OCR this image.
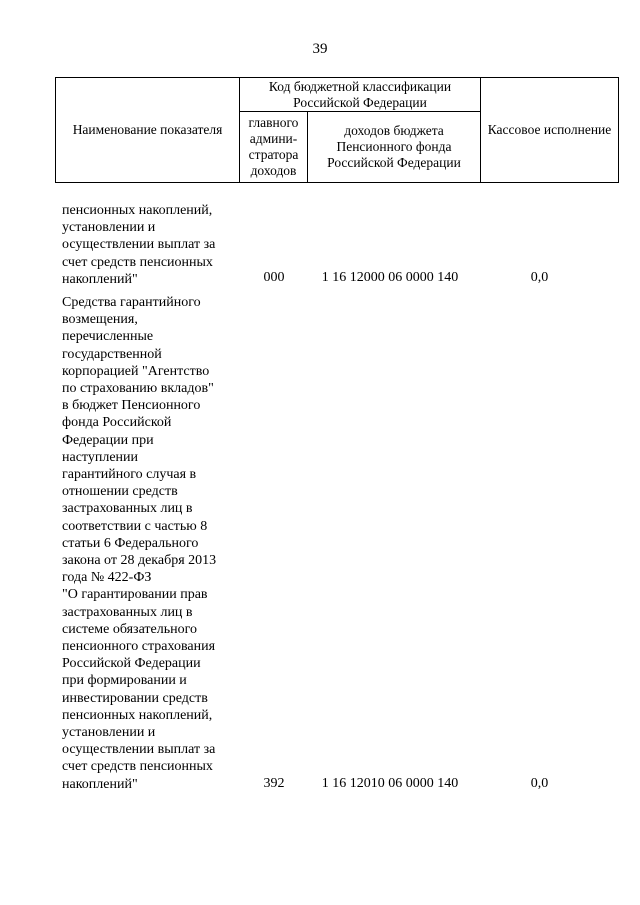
39
Наименование показателя	Код бюджетной классификации Российской Федерации		Кассовое исполнение
	главного админи-стратора доходов	доходов бюджета Пенсионного фонда Российской Федерации	
пенсионных накоплений,
установлении и
осуществлении выплат за
счет средств пенсионных
накоплений"	000	1 16 12000 06 0000 140	0,0
Средства гарантийного
возмещения,
перечисленные
государственной
корпорацией "Агентство
по страхованию вкладов"
в бюджет Пенсионного
фонда Российской
Федерации при
наступлении
гарантийного случая в
отношении средств
застрахованных лиц в
соответствии с частью 8
статьи 6 Федерального
закона от 28 декабря 2013
года № 422-ФЗ
"О гарантировании прав
застрахованных лиц в
системе обязательного
пенсионного страхования
Российской Федерации
при формировании и
инвестировании средств
пенсионных накоплений,
установлении и
осуществлении выплат за
счет средств пенсионных
накоплений"	392	1 16 12010 06 0000 140	0,0
